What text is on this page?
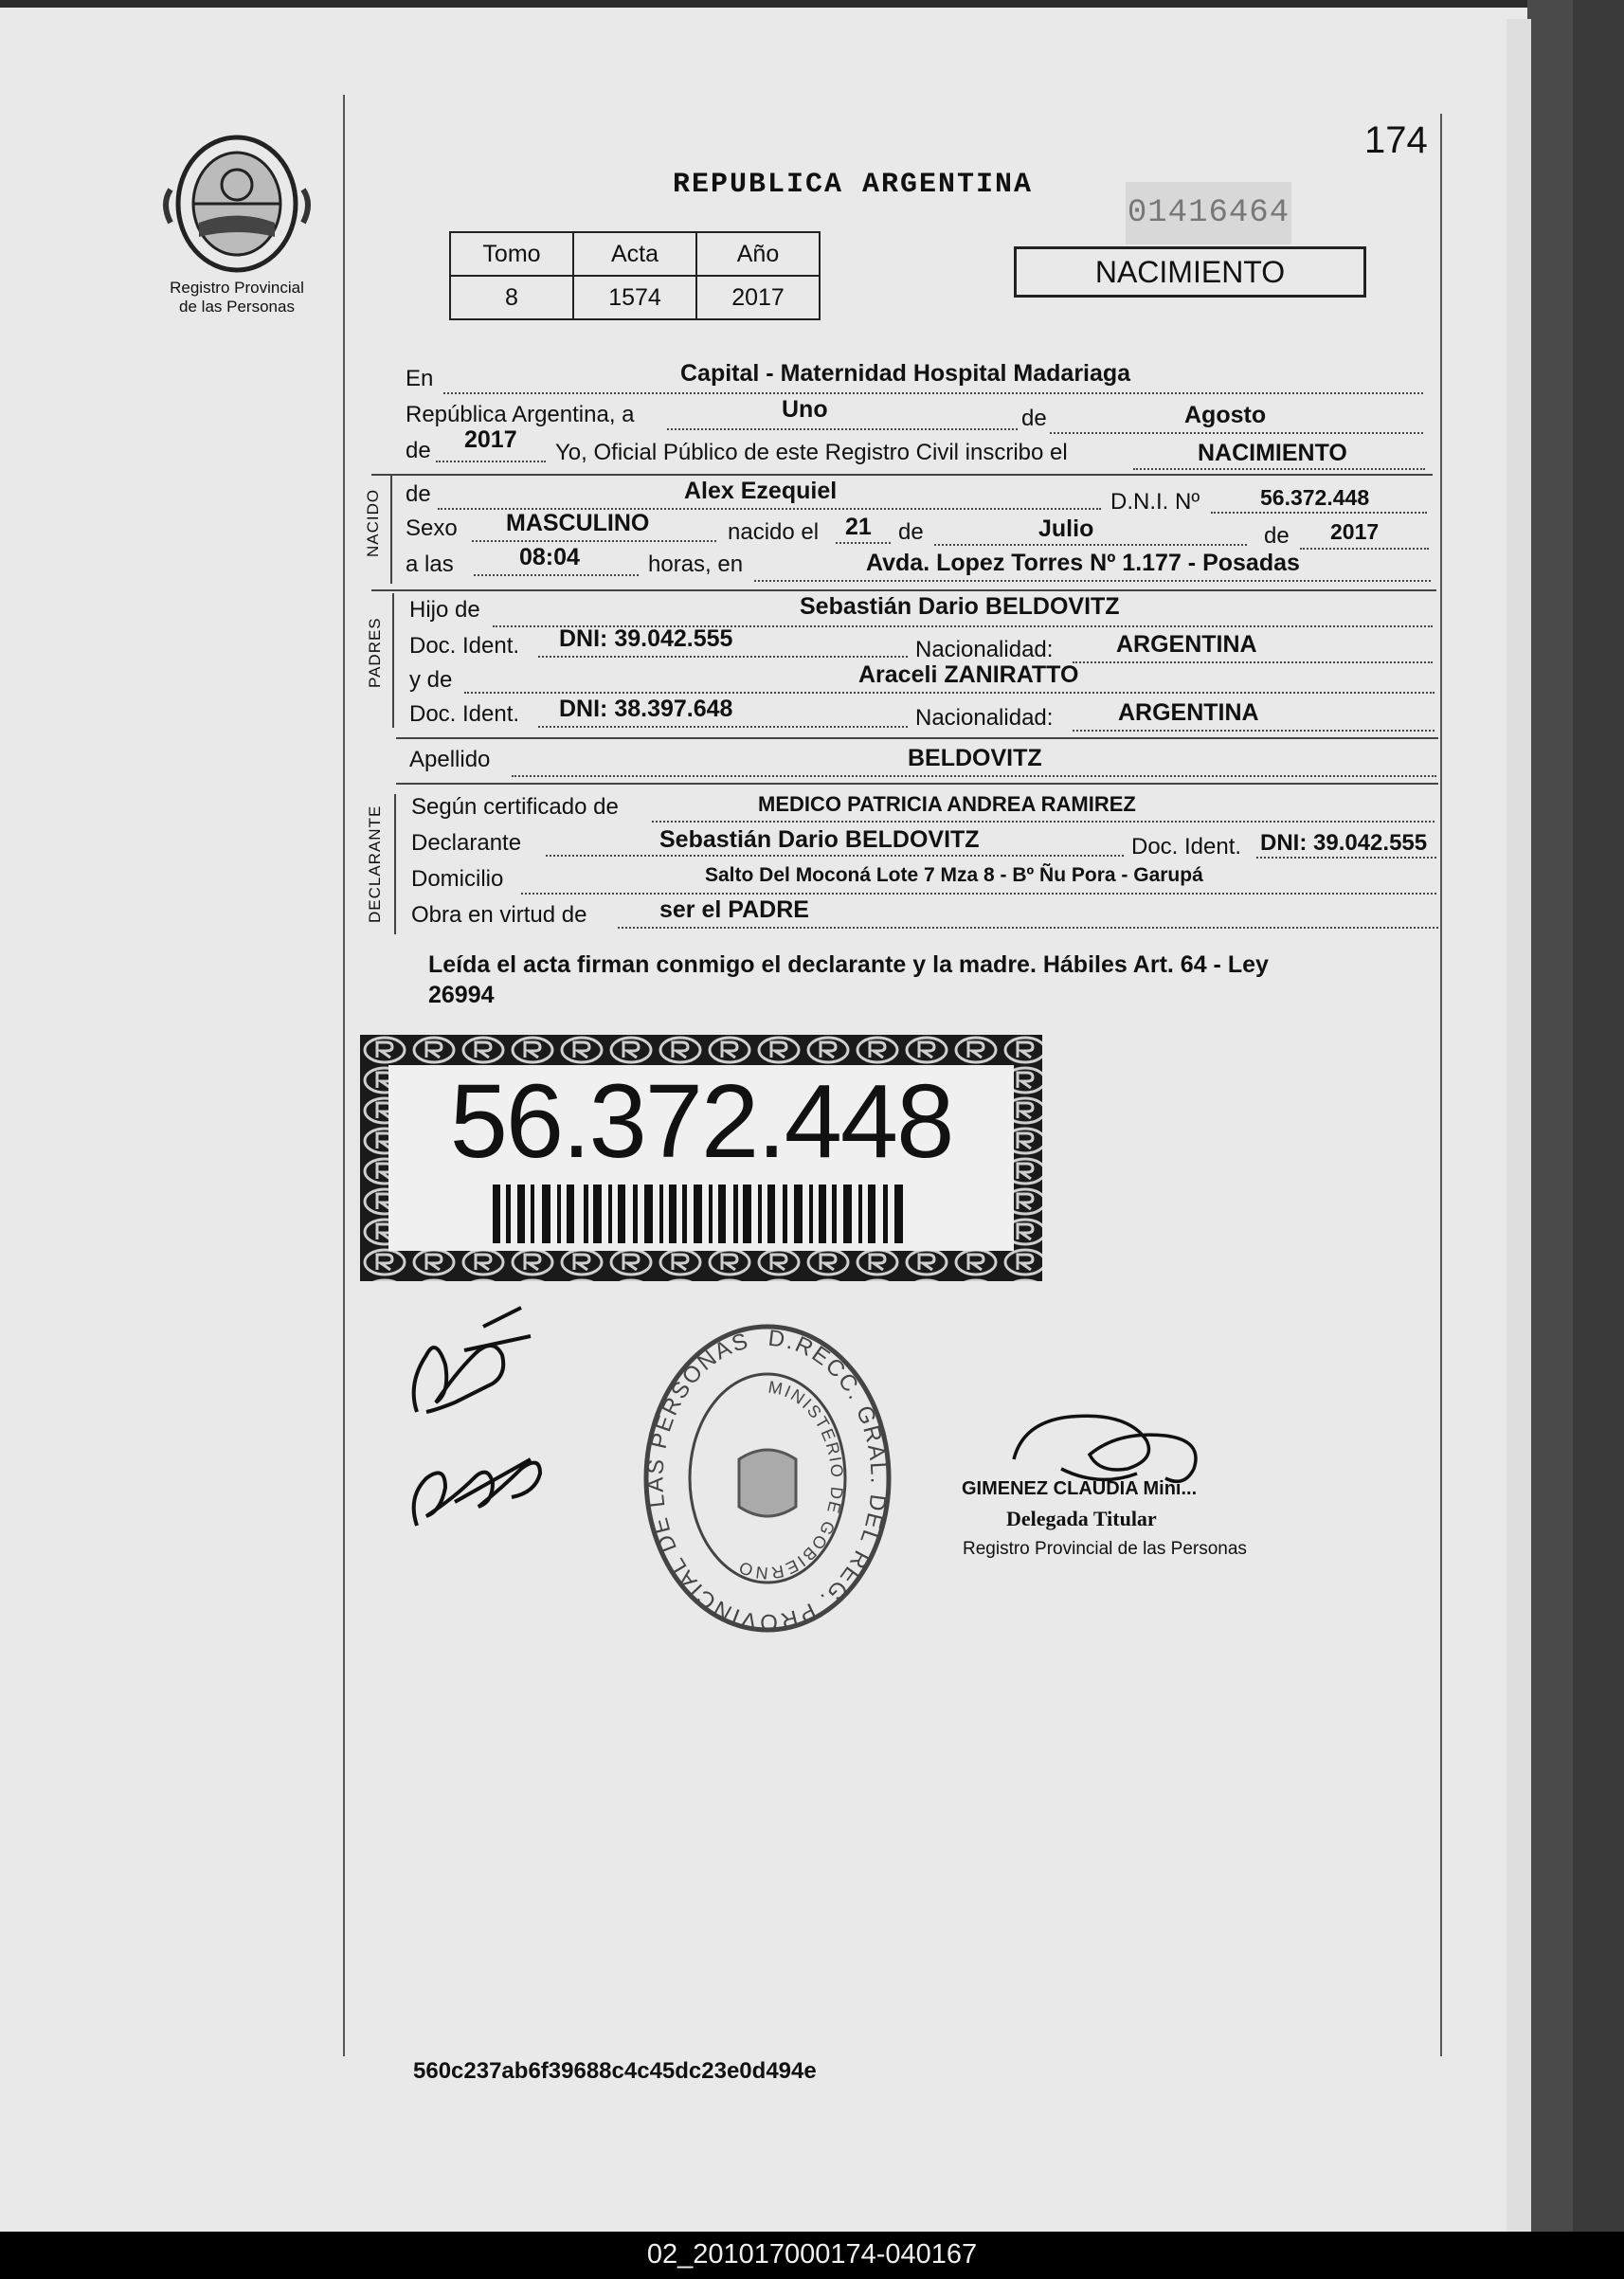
Registro Provincial
de las Personas
REPUBLICA ARGENTINA
01416464
174
Tomo	Acta	Año
8	1574	2017
NACIMIENTO
En	Capital - Maternidad Hospital Madariaga
República Argentina, a	Uno	de	Agosto
de 2017 Yo, Oficial Público de este Registro Civil inscribo el	NACIMIENTO
NACIDO de	Alex Ezequiel	D.N.I. Nº	56.372.448
Sexo MASCULINO	nacido el 21 de	Julio	de 2017
a las	08:04	horas, en	Avda. Lopez Torres Nº 1.177 - Posadas
PADRES
Hijo de	Sebastián Dario BELDOVITZ
Doc. Ident. DNI: 39.042.555	Nacionalidad:	ARGENTINA
y de	Araceli ZANIRATTO
Doc. Ident. DNI: 38.397.648	Nacionalidad:	ARGENTINA
Apellido	BELDOVITZ
DECLARANTE Según certificado de	MEDICO PATRICIA ANDREA RAMIREZ
Declarante	Sebastián Dario BELDOVITZ	Doc. Ident. DNI: 39.042.555
Domicilio	Salto Del Moconá Lote 7 Mza 8 - Bº Ñu Pora - Garupá
Obra en virtud de	ser el PADRE
Leída el acta firman conmigo el declarante y la madre. Hábiles Art. 64 - Ley
26994
56.372.448
D.RECC. GRAL. DEL REG. PROVINCIAL DE LAS PERSONAS
MINISTERIO DE GOBIERNO
GIMENEZ CLAUDIA Mini...
Delegada Titular
Registro Provincial de las Personas
560c237ab6f39688c4c45dc23e0d494e
02_201017000174-040167
